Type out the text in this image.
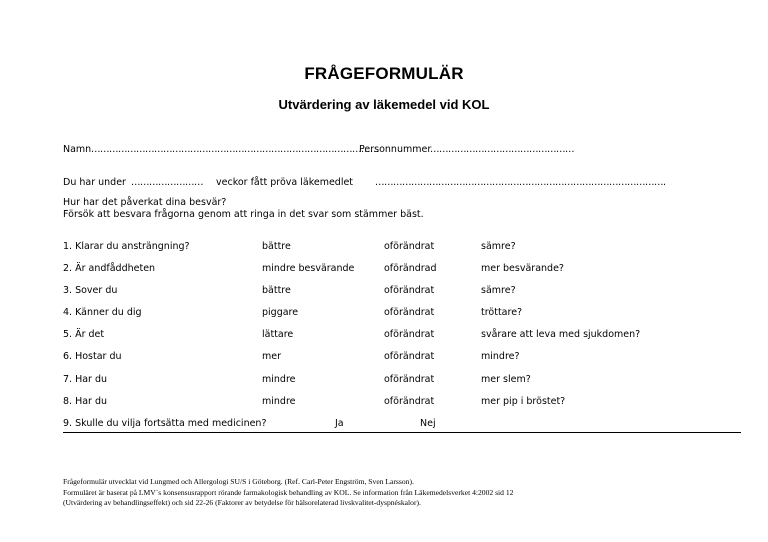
FRÅGEFORMULÄR
Utvärdering av läkemedel vid KOL
Namn ……………………………………………………………………………………
Personnummer
…………………………………………
Du har under …………………… veckor fått pröva läkemedlet …………………………………………………………………………………….
Hur har det påverkat dina besvär?
Försök att besvara frågorna genom att ringa in det svar som stämmer bäst.
1. Klarar du ansträngning?	bättre	oförändrat	sämre?
2. Är andfåddheten	mindre besvärande	oförändrad	mer besvärande?
3. Sover du	bättre	oförändrat	sämre?
4. Känner du dig	piggare	oförändrat	tröttare?
5. Är det	lättare	oförändrat	svårare att leva med sjukdomen?
6. Hostar du	mer	oförändrat	mindre?
7. Har du	mindre	oförändrat	mer slem?
8. Har du	mindre	oförändrat	mer pip i bröstet?
9. Skulle du vilja fortsätta med medicinen?	Ja	Nej
Frågeformulär utvecklat vid Lungmed och Allergologi SU/S i Göteborg. (Ref. Carl-Peter Engström, Sven Larsson).
Formuläret är baserat på LMV´s konsensusrapport rörande farmakologisk behandling av KOL. Se information från Läkemedelsverket 4:2002 sid 12
(Utvärdering av behandlingseffekt) och sid 22-26 (Faktorer av betydelse för hälsorelaterad livskvalitet-dyspnéskalor).
